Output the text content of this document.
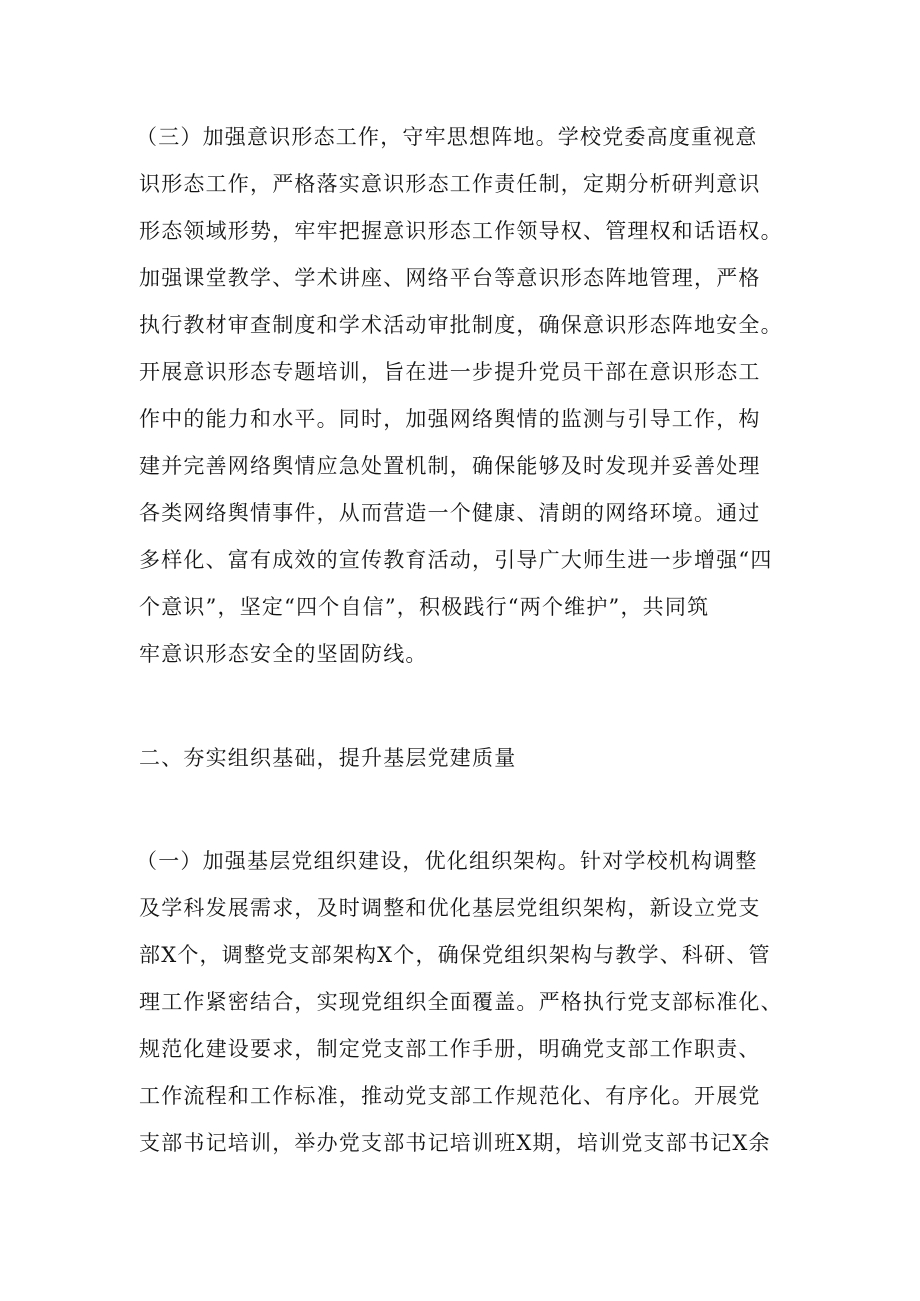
（三）加强意识形态工作，守牢思想阵地。学校党委高度重视意
识形态工作，严格落实意识形态工作责任制，定期分析研判意识
形态领域形势，牢牢把握意识形态工作领导权、管理权和话语权。
加强课堂教学、学术讲座、网络平台等意识形态阵地管理，严格
执行教材审查制度和学术活动审批制度，确保意识形态阵地安全。
开展意识形态专题培训，旨在进一步提升党员干部在意识形态工
作中的能力和水平。同时，加强网络舆情的监测与引导工作，构
建并完善网络舆情应急处置机制，确保能够及时发现并妥善处理
各类网络舆情事件，从而营造一个健康、清朗的网络环境。通过
多样化、富有成效的宣传教育活动，引导广大师生进一步增强“四
个意识”，坚定“四个自信”，积极践行“两个维护”，共同筑
牢意识形态安全的坚固防线。
二、夯实组织基础，提升基层党建质量
（一）加强基层党组织建设，优化组织架构。针对学校机构调整
及学科发展需求，及时调整和优化基层党组织架构，新设立党支
部X个，调整党支部架构X个，确保党组织架构与教学、科研、管
理工作紧密结合，实现党组织全面覆盖。严格执行党支部标准化、
规范化建设要求，制定党支部工作手册，明确党支部工作职责、
工作流程和工作标准，推动党支部工作规范化、有序化。开展党
支部书记培训，举办党支部书记培训班X期，培训党支部书记X余
